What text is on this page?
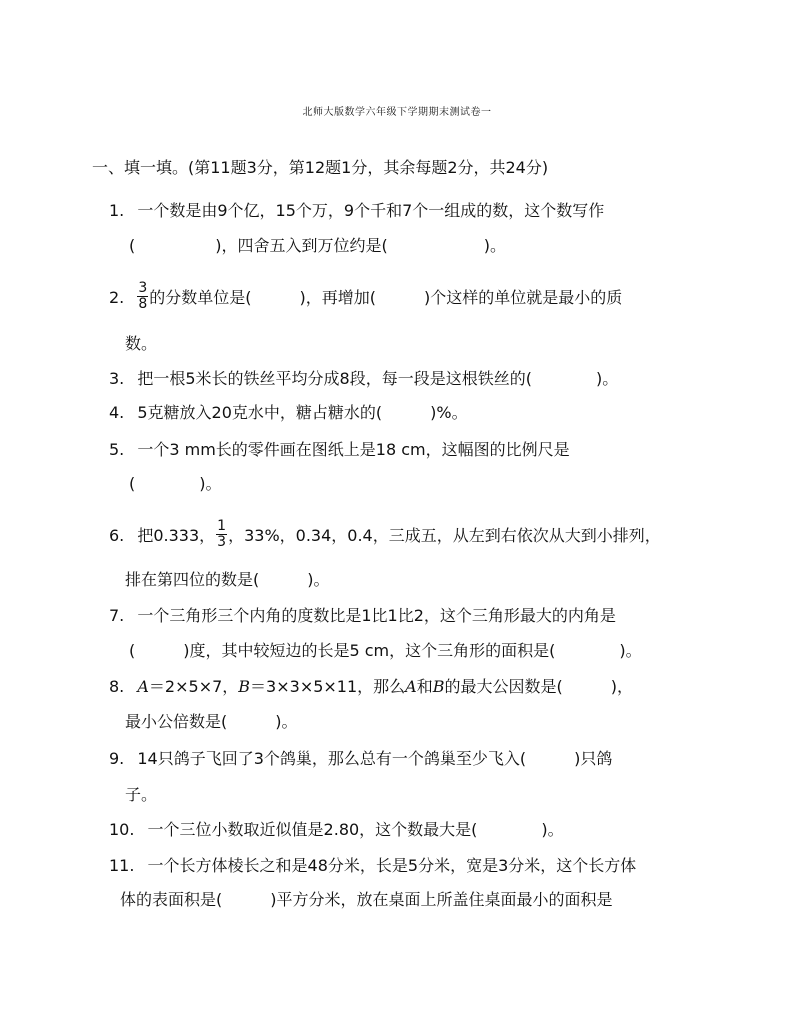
北师大版数学六年级下学期期末测试卷一
一、填一填。(第11题3分，第12题1分，其余每题2分，共24分)
1. 一个数是由9个亿，15个万，9个千和7个一组成的数，这个数写作
(　　　　　)，四舍五入到万位约是(　　　　　　)。
2. $\frac{3}{8}$ 的分数单位是(　　　)，再增加(　　　)个这样的单位就是最小的质
数。
3. 把一根5米长的铁丝平均分成8段，每一段是这根铁丝的(　　　　)。
4. 5克糖放入20克水中，糖占糖水的(　　　)%。
5. 一个3 mm长的零件画在图纸上是18 cm，这幅图的比例尺是
(　　　　)。
6. 把0.333， $\frac{1}{3}$ ，33%，0.34，0.4，三成五，从左到右依次从大到小排列，
排在第四位的数是(　　　)。
7. 一个三角形三个内角的度数比是1比1比2，这个三角形最大的内角是
(　　　)度，其中较短边的长是5 cm，这个三角形的面积是(　　　　)。
8. A＝2×5×7，B＝3×3×5×11，那么A和B的最大公因数是(　　　)，
最小公倍数是(　　　)。
9. 14只鸽子飞回了3个鸽巢，那么总有一个鸽巢至少飞入(　　　)只鸽
子。
10. 一个三位小数取近似值是2.80，这个数最大是(　　　　)。
11. 一个长方体棱长之和是48分米，长是5分米，宽是3分米，这个长方体
体的表面积是(　　　)平方分米，放在桌面上所盖住桌面最小的面积是
